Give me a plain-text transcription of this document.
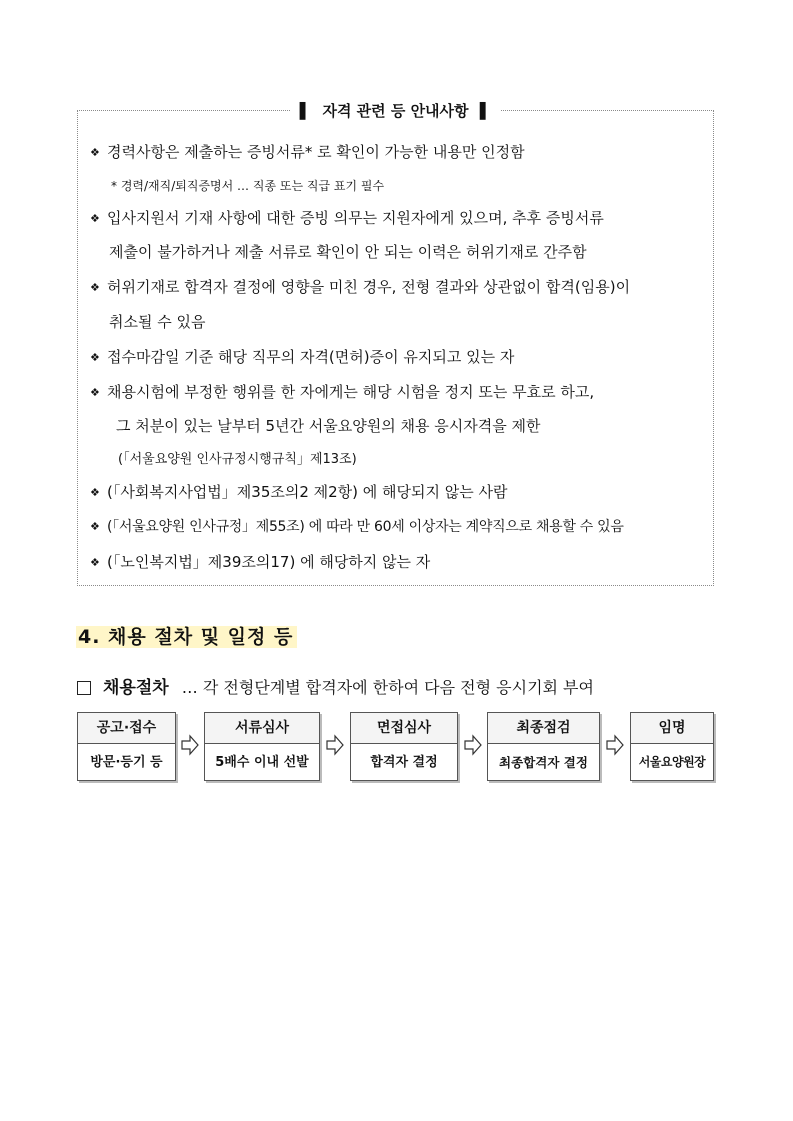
▌ 자격 관련 등 안내사항 ▌
❖ 경력사항은 제출하는 증빙서류* 로 확인이 가능한 내용만 인정함
* 경력/재직/퇴직증명서 … 직종 또는 직급 표기 필수
❖ 입사지원서 기재 사항에 대한 증빙 의무는 지원자에게 있으며, 추후 증빙서류
제출이 불가하거나 제출 서류로 확인이 안 되는 이력은 허위기재로 간주함
❖ 허위기재로 합격자 결정에 영향을 미친 경우, 전형 결과와 상관없이 합격(임용)이
취소될 수 있음
❖ 접수마감일 기준 해당 직무의 자격(면허)증이 유지되고 있는 자
❖ 채용시험에 부정한 행위를 한 자에게는 해당 시험을 정지 또는 무효로 하고,
그 처분이 있는 날부터 5년간 서울요양원의 채용 응시자격을 제한
(「서울요양원 인사규정시행규칙」제13조)
❖ (「사회복지사업법」제35조의2 제2항) 에 해당되지 않는 사람
❖ (「서울요양원 인사규정」제55조) 에 따라 만 60세 이상자는 계약직으로 채용할 수 있음
❖ (「노인복지법」제39조의17) 에 해당하지 않는 자
4. 채용 절차 및 일정 등
채용절차 … 각 전형단계별 합격자에 한하여 다음 전형 응시기회 부여
공고·접수
방문·등기 등
서류심사
5배수 이내 선발
면접심사
합격자 결정
최종점검
최종합격자 결정
임명
서울요양원장
